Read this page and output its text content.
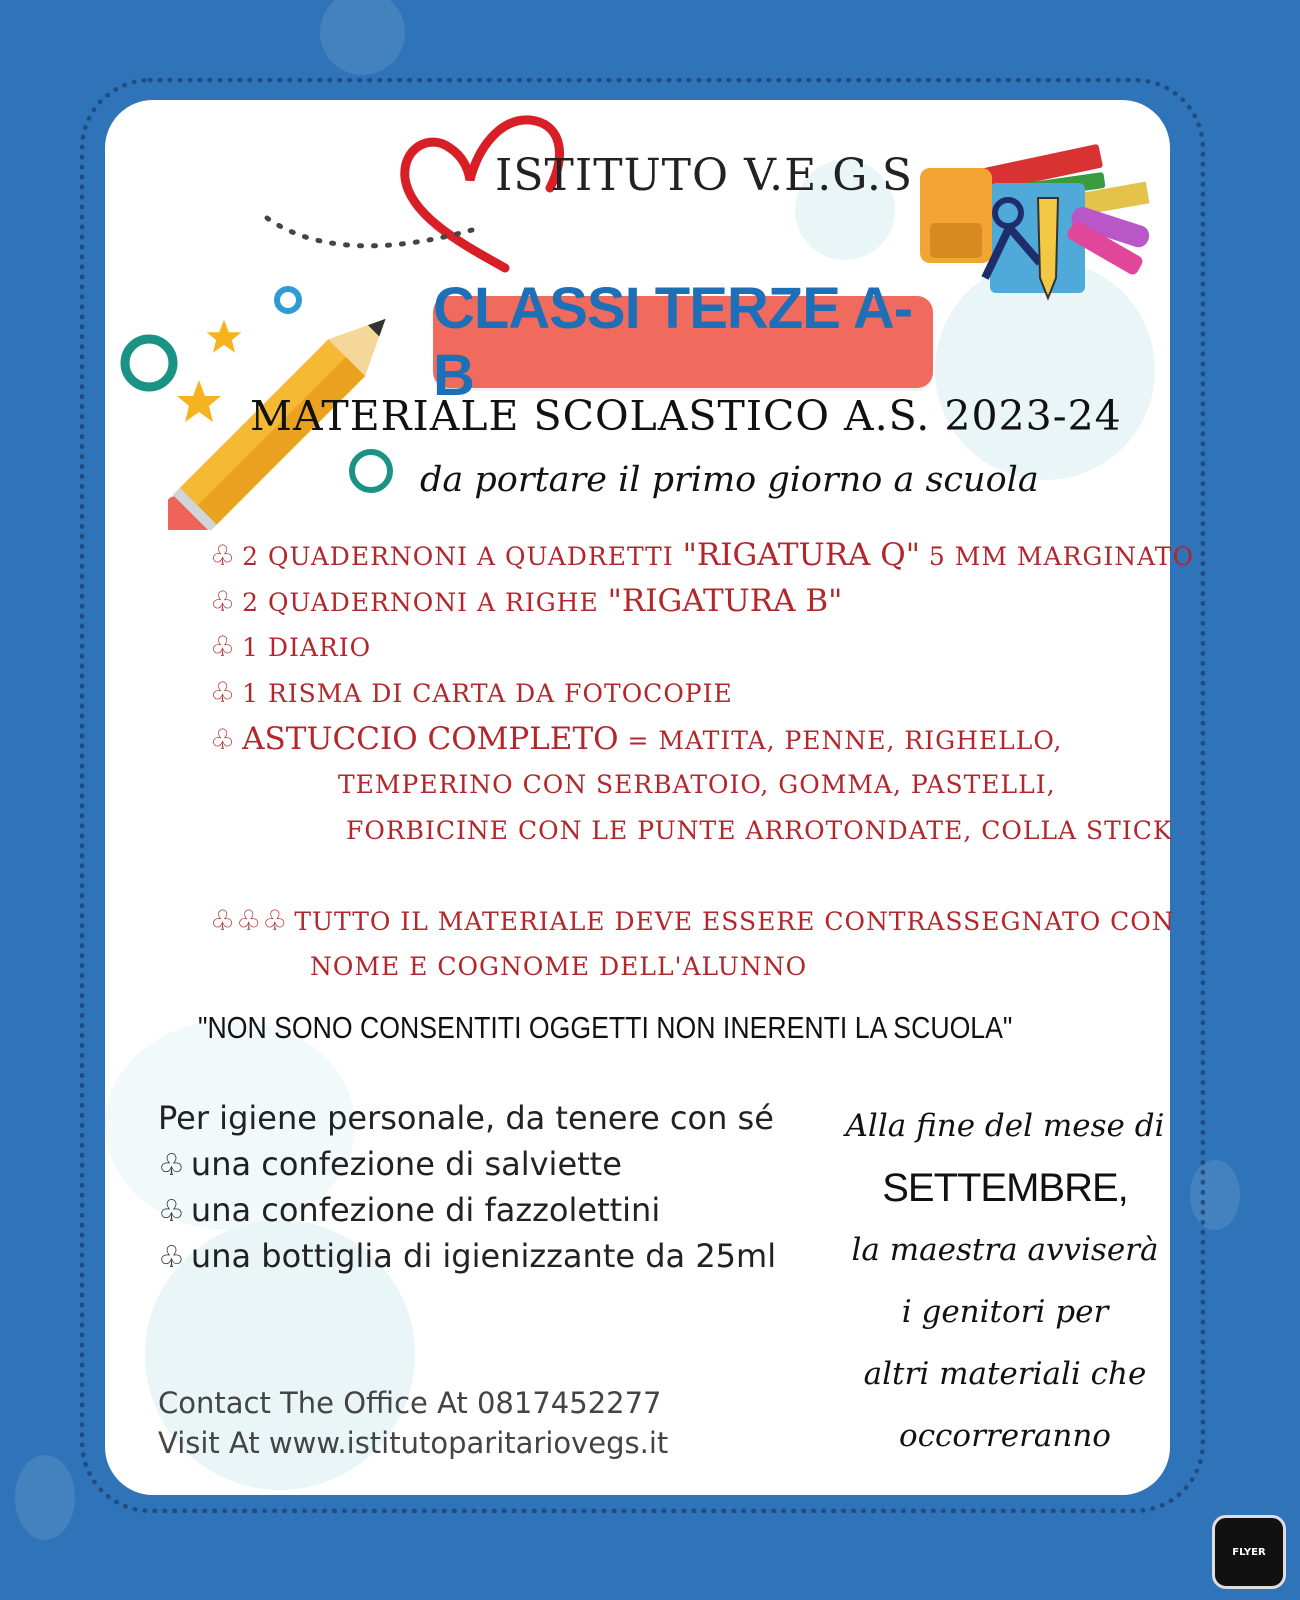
ISTITUTO V.E.G.S
CLASSI TERZE A-B
MATERIALE SCOLASTICO A.S. 2023-24
da portare il primo giorno a scuola
♧ 2 QUADERNONI A QUADRETTI "RIGATURA Q" 5 MM MARGINATO
♧ 2 QUADERNONI A RIGHE "RIGATURA B"
♧ 1 DIARIO
♧ 1 RISMA DI CARTA DA FOTOCOPIE
♧ ASTUCCIO COMPLETO = MATITA, PENNE, RIGHELLO,
TEMPERINO CON SERBATOIO, GOMMA, PASTELLI,
FORBICINE CON LE PUNTE ARROTONDATE, COLLA STICK
♧♧♧ TUTTO IL MATERIALE DEVE ESSERE CONTRASSEGNATO CON
NOME E COGNOME DELL'ALUNNO
"NON SONO CONSENTITI OGGETTI NON INERENTI LA SCUOLA"
Per igiene personale, da tenere con sé
♧ una confezione di salviette
♧ una confezione di fazzolettini
♧ una bottiglia di igienizzante da 25ml
Contact The Office At 0817452277
Visit At www.istitutoparitariovegs.it
Alla fine del mese di
SETTEMBRE,
la maestra avviserà
i genitori per
altri materiali che
occorreranno
FLYER
